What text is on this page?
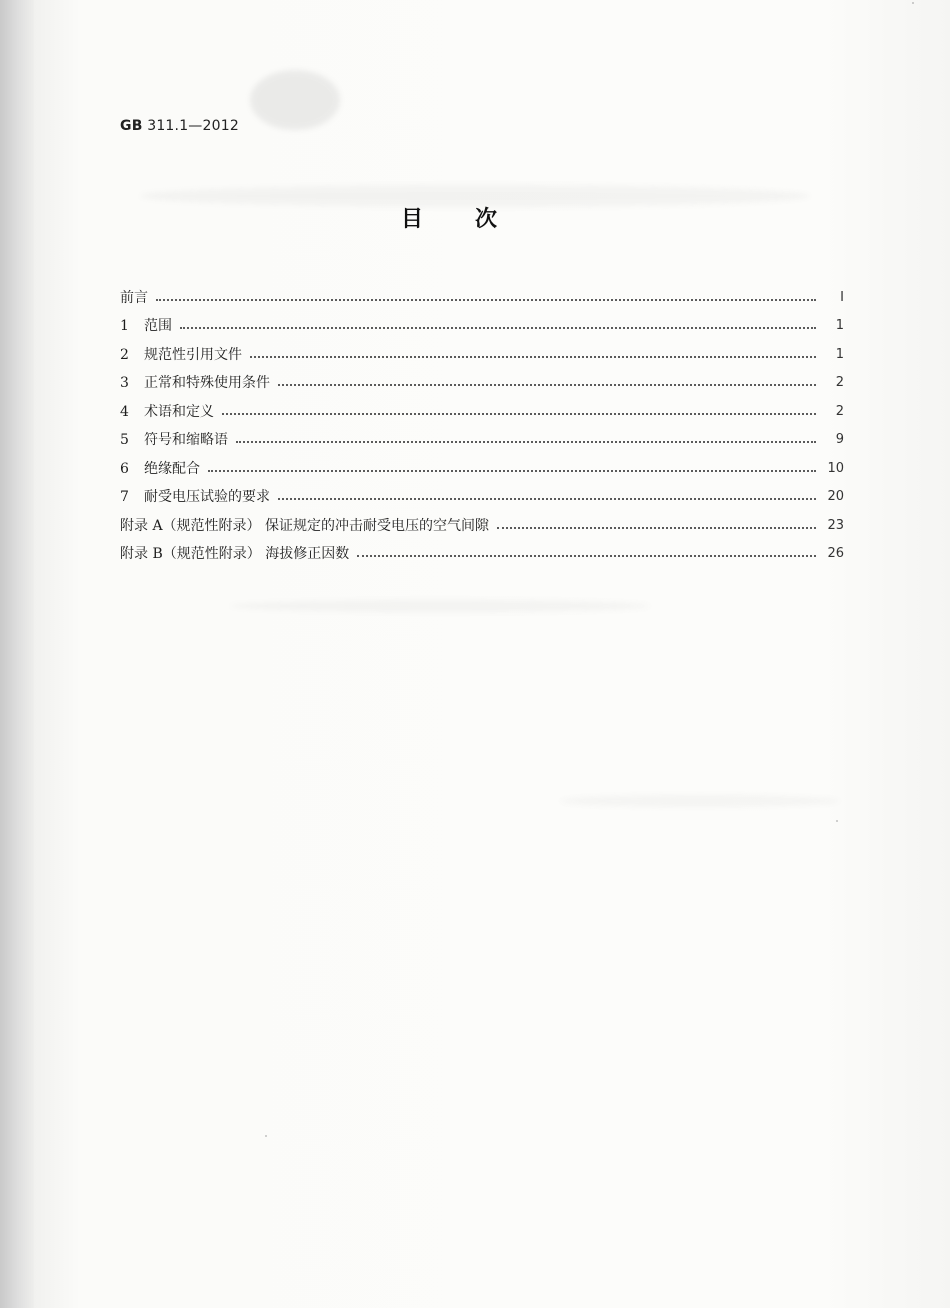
GB 311.1—2012
目次
前言	I
1 范围	1
2 规范性引用文件	1
3 正常和特殊使用条件	2
4 术语和定义	2
5 符号和缩略语	9
6 绝缘配合	10
7 耐受电压试验的要求	20
附录 A（规范性附录） 保证规定的冲击耐受电压的空气间隙	23
附录 B（规范性附录） 海拔修正因数	26
